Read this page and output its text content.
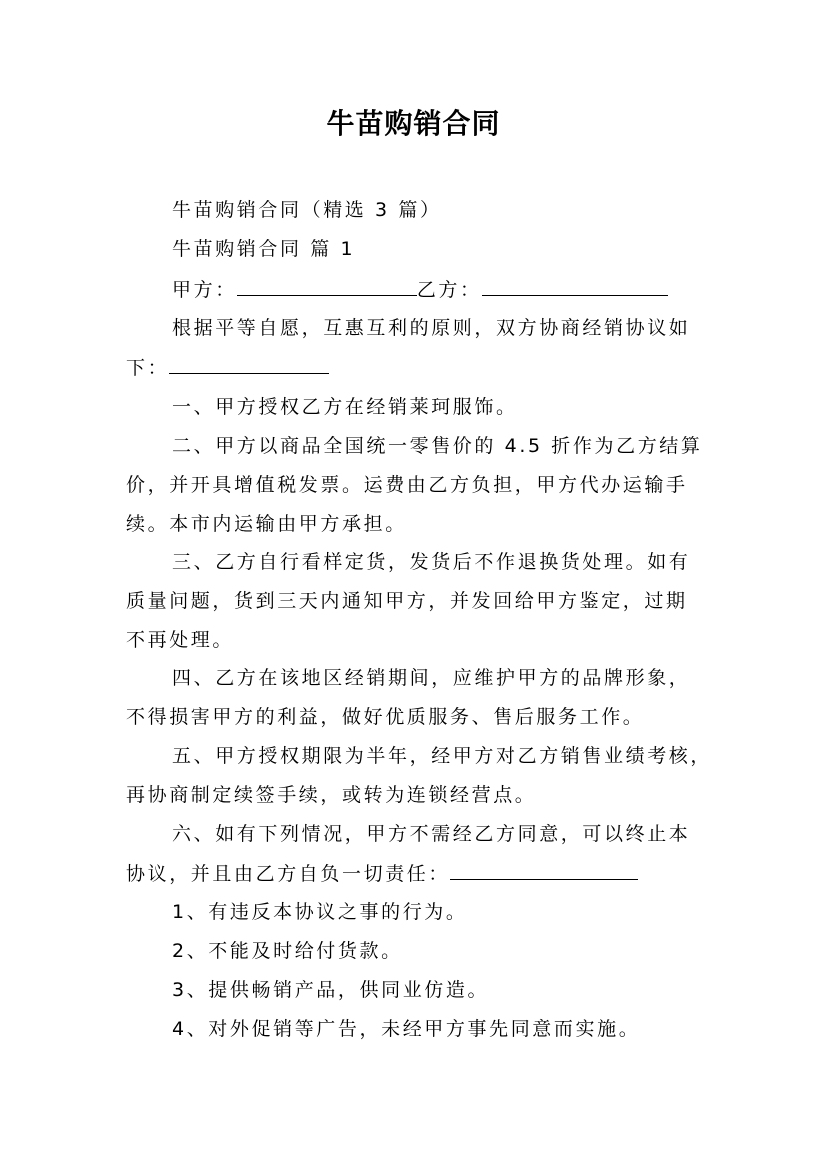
牛苗购销合同
牛苗购销合同（精选 3 篇）
牛苗购销合同 篇 1
甲方：	乙方：
根据平等自愿，互惠互利的原则，双方协商经销协议如
下：
一、甲方授权乙方在经销莱珂服饰。
二、甲方以商品全国统一零售价的 4.5 折作为乙方结算
价，并开具增值税发票。运费由乙方负担，甲方代办运输手
续。本市内运输由甲方承担。
三、乙方自行看样定货，发货后不作退换货处理。如有
质量问题，货到三天内通知甲方，并发回给甲方鉴定，过期
不再处理。
四、乙方在该地区经销期间，应维护甲方的品牌形象，
不得损害甲方的利益，做好优质服务、售后服务工作。
五、甲方授权期限为半年，经甲方对乙方销售业绩考核，
再协商制定续签手续，或转为连锁经营点。
六、如有下列情况，甲方不需经乙方同意，可以终止本
协议，并且由乙方自负一切责任：
1、有违反本协议之事的行为。
2、不能及时给付货款。
3、提供畅销产品，供同业仿造。
4、对外促销等广告，未经甲方事先同意而实施。
